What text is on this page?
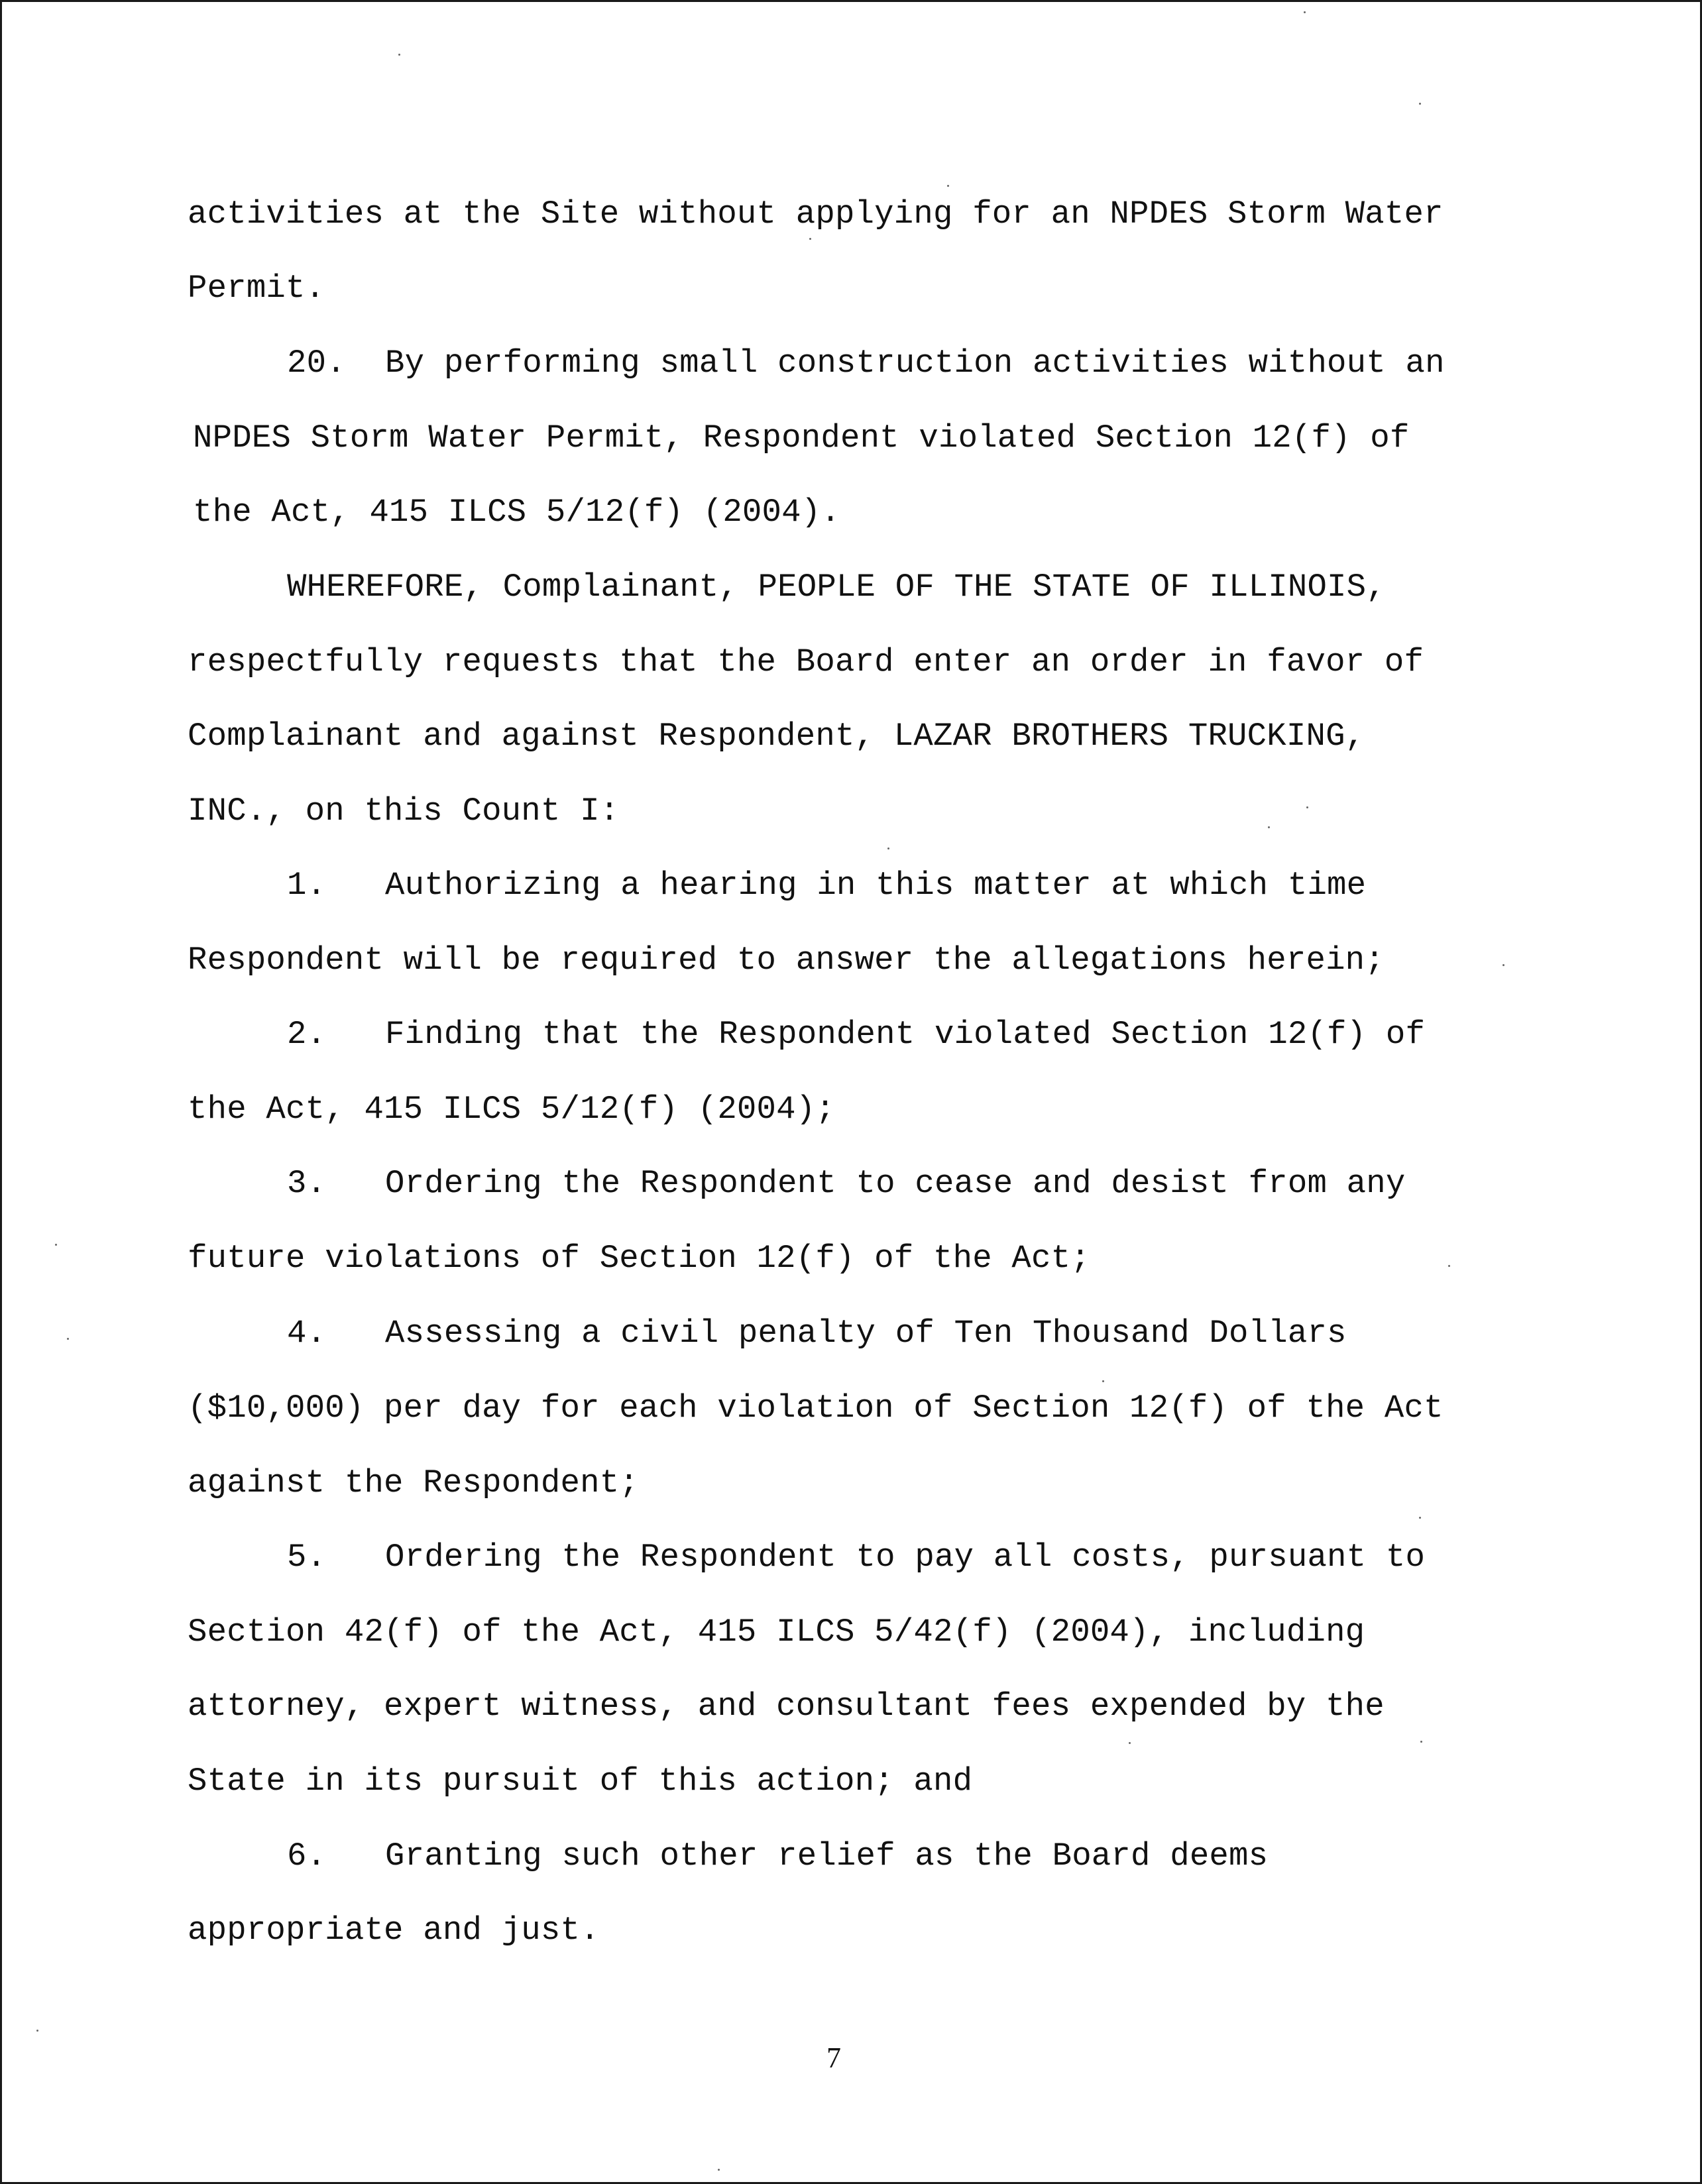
activities at the Site without applying for an NPDES Storm Water
Permit.
20.  By performing small construction activities without an
NPDES Storm Water Permit, Respondent violated Section 12(f) of
the Act, 415 ILCS 5/12(f) (2004).
WHEREFORE, Complainant, PEOPLE OF THE STATE OF ILLINOIS,
respectfully requests that the Board enter an order in favor of
Complainant and against Respondent, LAZAR BROTHERS TRUCKING,
INC., on this Count I:
1.   Authorizing a hearing in this matter at which time
Respondent will be required to answer the allegations herein;
2.   Finding that the Respondent violated Section 12(f) of
the Act, 415 ILCS 5/12(f) (2004);
3.   Ordering the Respondent to cease and desist from any
future violations of Section 12(f) of the Act;
4.   Assessing a civil penalty of Ten Thousand Dollars
($10,000) per day for each violation of Section 12(f) of the Act
against the Respondent;
5.   Ordering the Respondent to pay all costs, pursuant to
Section 42(f) of the Act, 415 ILCS 5/42(f) (2004), including
attorney, expert witness, and consultant fees expended by the
State in its pursuit of this action; and
6.   Granting such other relief as the Board deems
appropriate and just.
7
